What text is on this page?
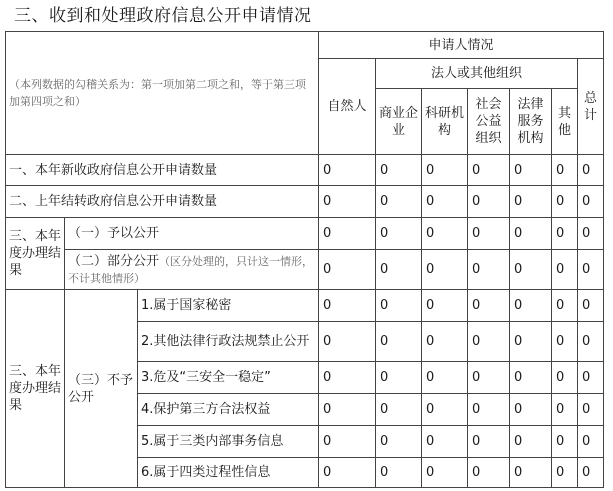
三、收到和处理政府信息公开申请情况
（本列数据的勾稽关系为：第一项加第二项之和，等于第三项加第四项之和）			申请人情况						
			自然人	法人或其他组织					总计
				商业企业	科研机构	社会公益组织	法律服务机构	其他	
一、本年新收政府信息公开申请数量			0	0	0	0	0	0	0
二、上年结转政府信息公开申请数量			0	0	0	0	0	0	0
三、本年度办理结果	（一）予以公开		0	0	0	0	0	0	0
	（二）部分公开（区分处理的，只计这一情形，不计其他情形）		0	0	0	0	0	0	0
三、本年度办理结果	（三）不予公开	1.属于国家秘密	0	0	0	0	0	0	0
		2.其他法律行政法规禁止公开	0	0	0	0	0	0	0
		3.危及“三安全一稳定”	0	0	0	0	0	0	0
		4.保护第三方合法权益	0	0	0	0	0	0	0
		5.属于三类内部事务信息	0	0	0	0	0	0	0
		6.属于四类过程性信息	0	0	0	0	0	0	0
